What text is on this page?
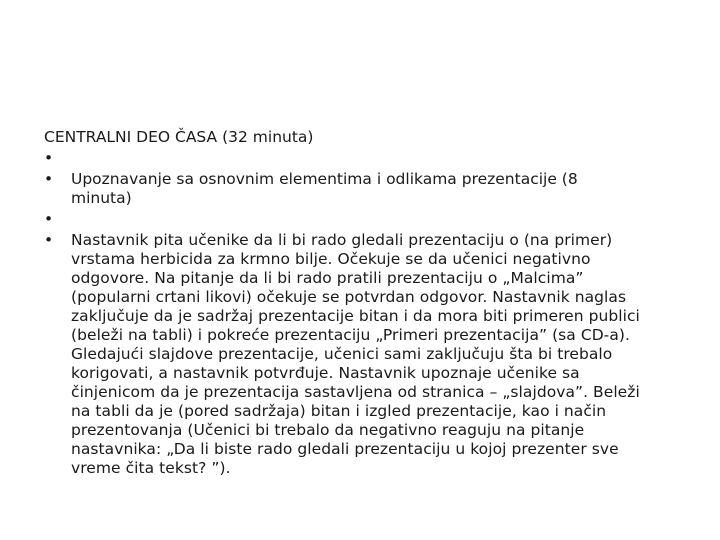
CENTRALNI DEO ČASA (32 minuta)
•
•	Upoznavanje sa osnovnim elementima i odlikama prezentacije (8 minuta)
•
•	Nastavnik pita učenike da li bi rado gledali prezentaciju o (na primer) vrstama herbicida za krmno bilje. Očekuje se da učenici negativno odgovore. Na pitanje da li bi rado pratili prezentaciju o „Malcima” (popularni crtani likovi) očekuje se potvrdan odgovor. Nastavnik naglas zaključuje da je sadržaj prezentacije bitan i da mora biti primeren publici (beleži na tabli) i pokreće prezentaciju „Primeri prezentacija” (sa CD-a). Gledajući slajdove prezentacije, učenici sami zaključuju šta bi trebalo korigovati, a nastavnik potvrđuje. Nastavnik upoznaje učenike sa činjenicom da je prezentacija sastavljena od stranica – „slajdova”. Beleži na tabli da je (pored sadržaja) bitan i izgled prezentacije, kao i način prezentovanja (Učenici bi trebalo da negativno reaguju na pitanje nastavnika: „Da li biste rado gledali prezentaciju u kojoj prezenter sve vreme čita tekst? ”).
